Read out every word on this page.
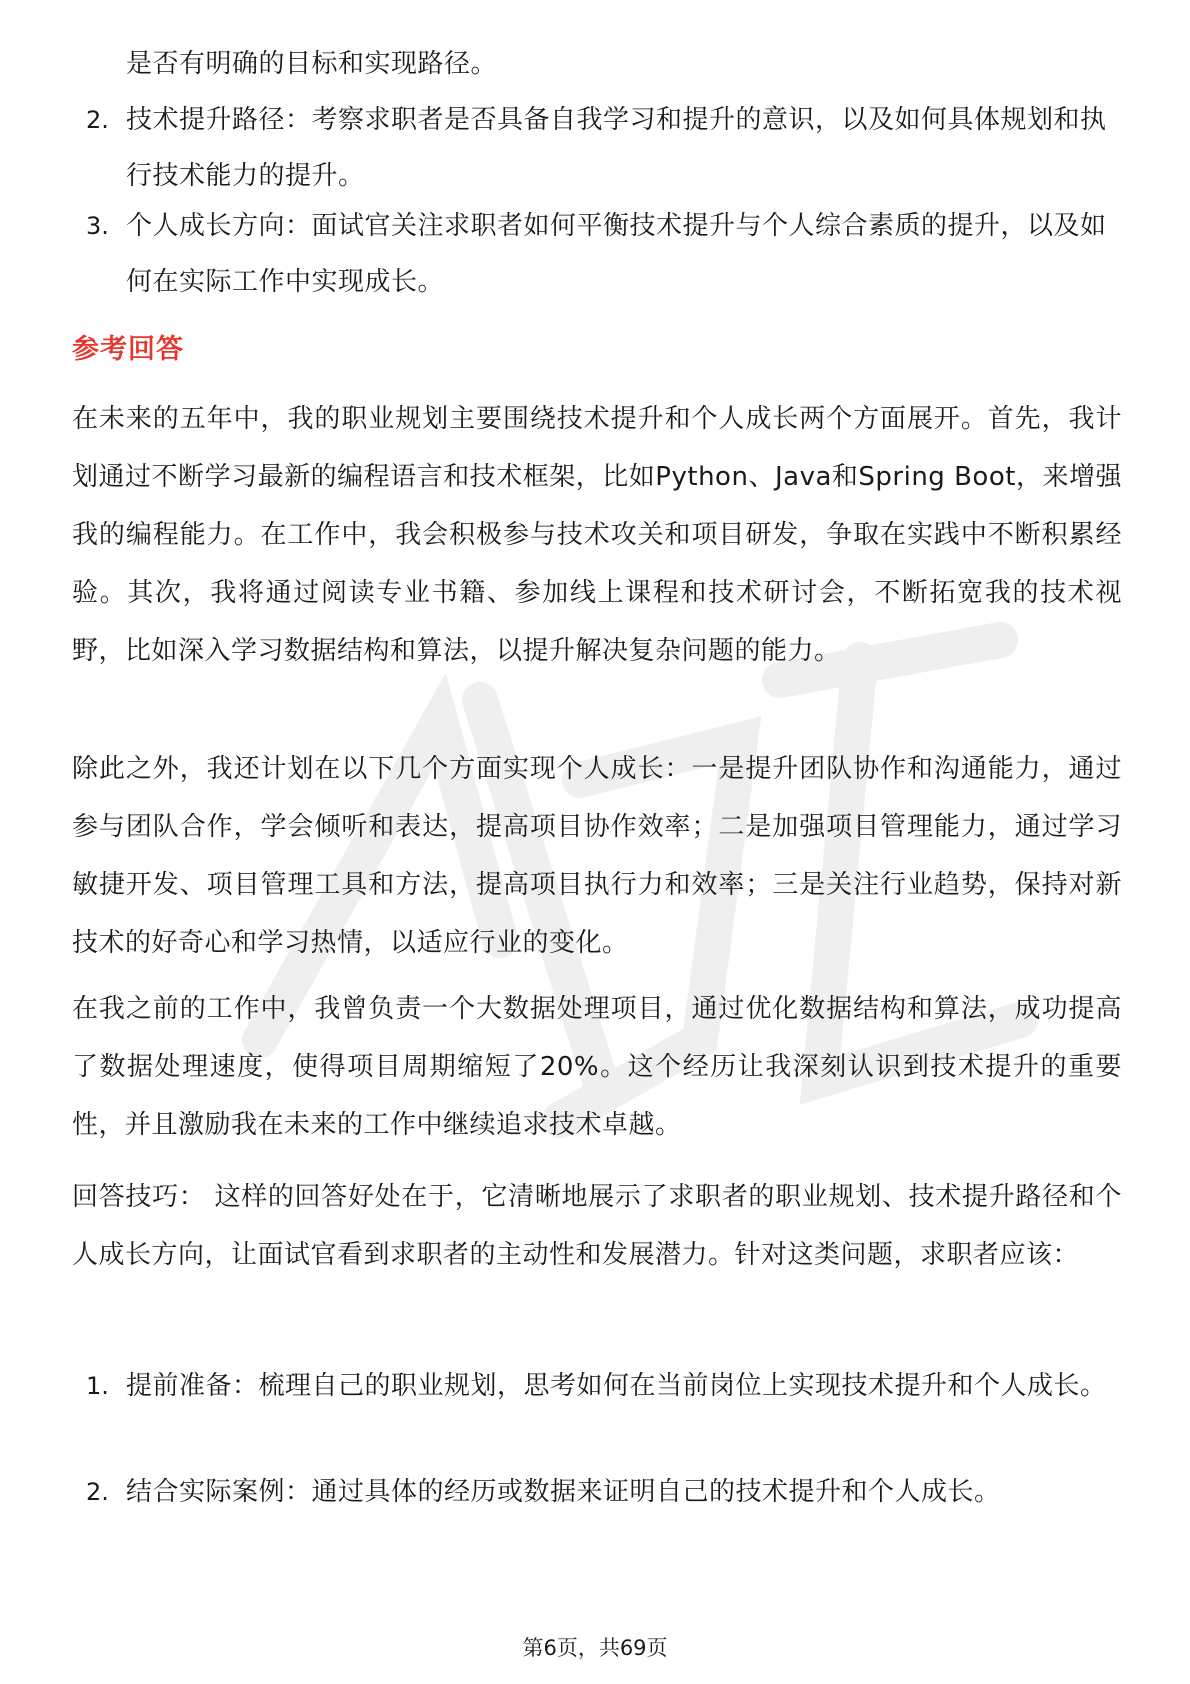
是否有明确的目标和实现路径。
2. 技术提升路径：考察求职者是否具备自我学习和提升的意识，以及如何具体规划和执行技术能力的提升。
3. 个人成长方向：面试官关注求职者如何平衡技术提升与个人综合素质的提升，以及如何在实际工作中实现成长。
参考回答
在未来的五年中，我的职业规划主要围绕技术提升和个人成长两个方面展开。首先，我计划通过不断学习最新的编程语言和技术框架，比如Python、Java和Spring Boot，来增强我的编程能力。在工作中，我会积极参与技术攻关和项目研发，争取在实践中不断积累经验。其次，我将通过阅读专业书籍、参加线上课程和技术研讨会，不断拓宽我的技术视野，比如深入学习数据结构和算法，以提升解决复杂问题的能力。
除此之外，我还计划在以下几个方面实现个人成长：一是提升团队协作和沟通能力，通过参与团队合作，学会倾听和表达，提高项目协作效率；二是加强项目管理能力，通过学习敏捷开发、项目管理工具和方法，提高项目执行力和效率；三是关注行业趋势，保持对新技术的好奇心和学习热情，以适应行业的变化。
在我之前的工作中，我曾负责一个大数据处理项目，通过优化数据结构和算法，成功提高了数据处理速度，使得项目周期缩短了20%。这个经历让我深刻认识到技术提升的重要性，并且激励我在未来的工作中继续追求技术卓越。
回答技巧： 这样的回答好处在于，它清晰地展示了求职者的职业规划、技术提升路径和个人成长方向，让面试官看到求职者的主动性和发展潜力。针对这类问题，求职者应该：
1. 提前准备：梳理自己的职业规划，思考如何在当前岗位上实现技术提升和个人成长。
2. 结合实际案例：通过具体的经历或数据来证明自己的技术提升和个人成长。
第6页，共69页
